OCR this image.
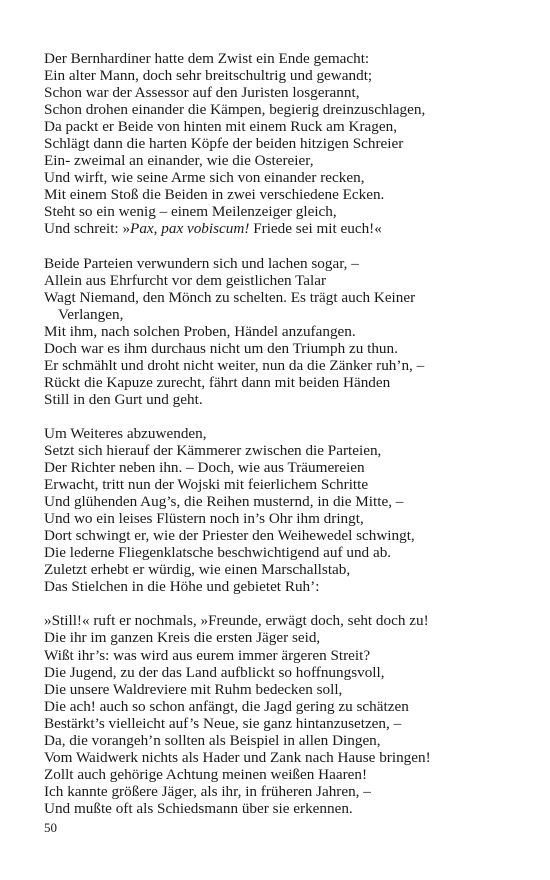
Der Bernhardiner hatte dem Zwist ein Ende gemacht:
Ein alter Mann, doch sehr breitschultrig und gewandt;
Schon war der Assessor auf den Juristen losgerannt,
Schon drohen einander die Kämpen, begierig dreinzuschlagen,
Da packt er Beide von hinten mit einem Ruck am Kragen,
Schlägt dann die harten Köpfe der beiden hitzigen Schreier
Ein- zweimal an einander, wie die Ostereier,
Und wirft, wie seine Arme sich von einander recken,
Mit einem Stoß die Beiden in zwei verschiedene Ecken.
Steht so ein wenig – einem Meilenzeiger gleich,
Und schreit: »Pax, pax vobiscum! Friede sei mit euch!«
Beide Parteien verwundern sich und lachen sogar, –
Allein aus Ehrfurcht vor dem geistlichen Talar
Wagt Niemand, den Mönch zu schelten. Es trägt auch Keiner
Verlangen,
Mit ihm, nach solchen Proben, Händel anzufangen.
Doch war es ihm durchaus nicht um den Triumph zu thun.
Er schmählt und droht nicht weiter, nun da die Zänker ruh’n, –
Rückt die Kapuze zurecht, fährt dann mit beiden Händen
Still in den Gurt und geht.
Um Weiteres abzuwenden,
Setzt sich hierauf der Kämmerer zwischen die Parteien,
Der Richter neben ihn. – Doch, wie aus Träumereien
Erwacht, tritt nun der Wojski mit feierlichem Schritte
Und glühenden Aug’s, die Reihen musternd, in die Mitte, –
Und wo ein leises Flüstern noch in’s Ohr ihm dringt,
Dort schwingt er, wie der Priester den Weihewedel schwingt,
Die lederne Fliegenklatsche beschwichtigend auf und ab.
Zuletzt erhebt er würdig, wie einen Marschallstab,
Das Stielchen in die Höhe und gebietet Ruh’:
»Still!« ruft er nochmals, »Freunde, erwägt doch, seht doch zu!
Die ihr im ganzen Kreis die ersten Jäger seid,
Wißt ihr’s: was wird aus eurem immer ärgeren Streit?
Die Jugend, zu der das Land aufblickt so hoffnungsvoll,
Die unsere Waldreviere mit Ruhm bedecken soll,
Die ach! auch so schon anfängt, die Jagd gering zu schätzen
Bestärkt’s vielleicht auf’s Neue, sie ganz hintanzusetzen, –
Da, die vorangeh’n sollten als Beispiel in allen Dingen,
Vom Waidwerk nichts als Hader und Zank nach Hause bringen!
Zollt auch gehörige Achtung meinen weißen Haaren!
Ich kannte größere Jäger, als ihr, in früheren Jahren, –
Und mußte oft als Schiedsmann über sie erkennen.
50
